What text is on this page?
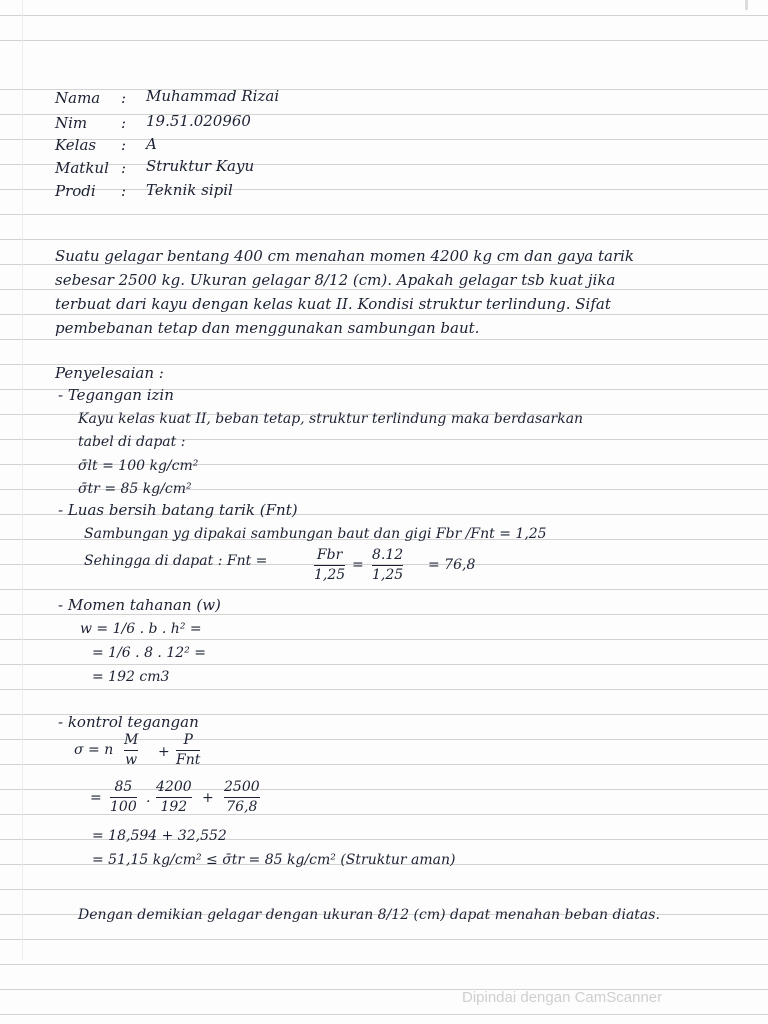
Nama	: Muhammad Rizai
Nim	: 19.51.020960
Kelas	: A
Matkul : Struktur Kayu
Prodi	: Teknik sipil
Suatu gelagar bentang 400 cm menahan momen 4200 kg cm dan gaya tarik
sebesar 2500 kg. Ukuran gelagar 8/12 (cm). Apakah gelagar tsb kuat jika
terbuat dari kayu dengan kelas kuat II. Kondisi struktur terlindung. Sifat
pembebanan tetap dan menggunakan sambungan baut.
Penyelesaian :
- Tegangan izin
Kayu kelas kuat II, beban tetap, struktur terlindung maka berdasarkan
tabel di dapat :
σ̄lt = 100 kg/cm²
σ̄tr = 85 kg/cm²
- Luas bersih batang tarik (Fnt)
Sambungan yg dipakai sambungan baut dan gigi Fbr /Fnt = 1,25
Sehingga di dapat : Fnt =	Fbr
1,25
=
8.12
1,25
= 76,8
- Momen tahanan (w)
w = 1/6 . b . h² =
= 1/6 . 8 . 12² =
= 192 cm3
- kontrol tegangan
σ = n
M
w +
P
Fnt
=
85
100
.
4200
192
+
2500
76,8
= 18,594 + 32,552
= 51,15 kg/cm² ≤ σ̄tr = 85 kg/cm² (Struktur aman)
Dengan demikian gelagar dengan ukuran 8/12 (cm) dapat menahan beban diatas.
Dipindai dengan CamScanner
